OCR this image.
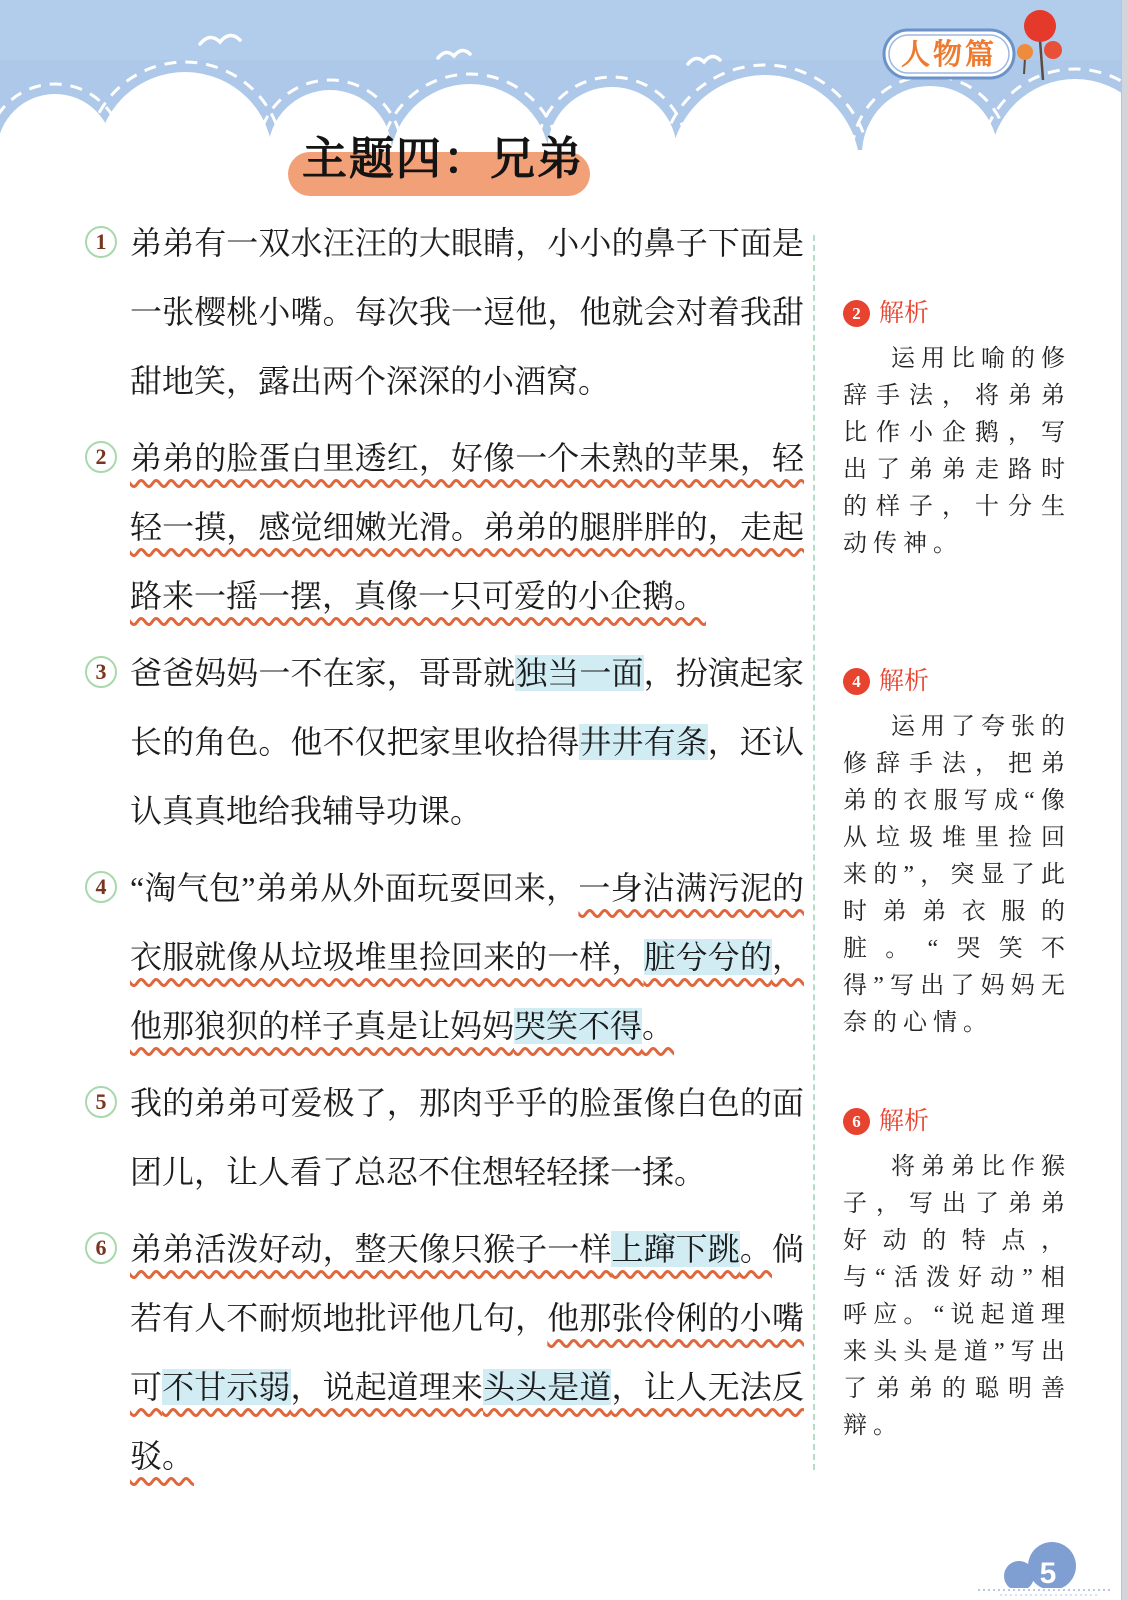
人物篇
主题四：兄弟
1 弟弟有一双水汪汪的大眼睛，小小的鼻子下面是一张樱桃小嘴。每次我一逗他，他就会对着我甜甜地笑，露出两个深深的小酒窝。
2 弟弟的脸蛋白里透红，好像一个未熟的苹果，轻轻一摸，感觉细嫩光滑。弟弟的腿胖胖的，走起路来一摇一摆，真像一只可爱的小企鹅。
3 爸爸妈妈一不在家，哥哥就独当一面，扮演起家长的角色。他不仅把家里收拾得井井有条，还认认真真地给我辅导功课。
4 “淘气包”弟弟从外面玩耍回来，一身沾满污泥的衣服就像从垃圾堆里捡回来的一样，脏兮兮的，他那狼狈的样子真是让妈妈哭笑不得。
5 我的弟弟可爱极了，那肉乎乎的脸蛋像白色的面团儿，让人看了总忍不住想轻轻揉一揉。
6 弟弟活泼好动，整天像只猴子一样上蹿下跳。倘若有人不耐烦地批评他几句，他那张伶俐的小嘴可不甘示弱，说起道理来头头是道，让人无法反驳。
2 解析
运用比喻的修辞手法，将弟弟比作小企鹅，写出了弟弟走路时的样子，十分生动传神。
4 解析
运用了夸张的修辞手法，把弟弟的衣服写成“像从垃圾堆里捡回来的”，突显了此时弟弟衣服的脏。“哭笑不得”写出了妈妈无奈的心情。
6 解析
将弟弟比作猴子，写出了弟弟好动的特点，与“活泼好动”相呼应。“说起道理来头头是道”写出了弟弟的聪明善辩。
5
